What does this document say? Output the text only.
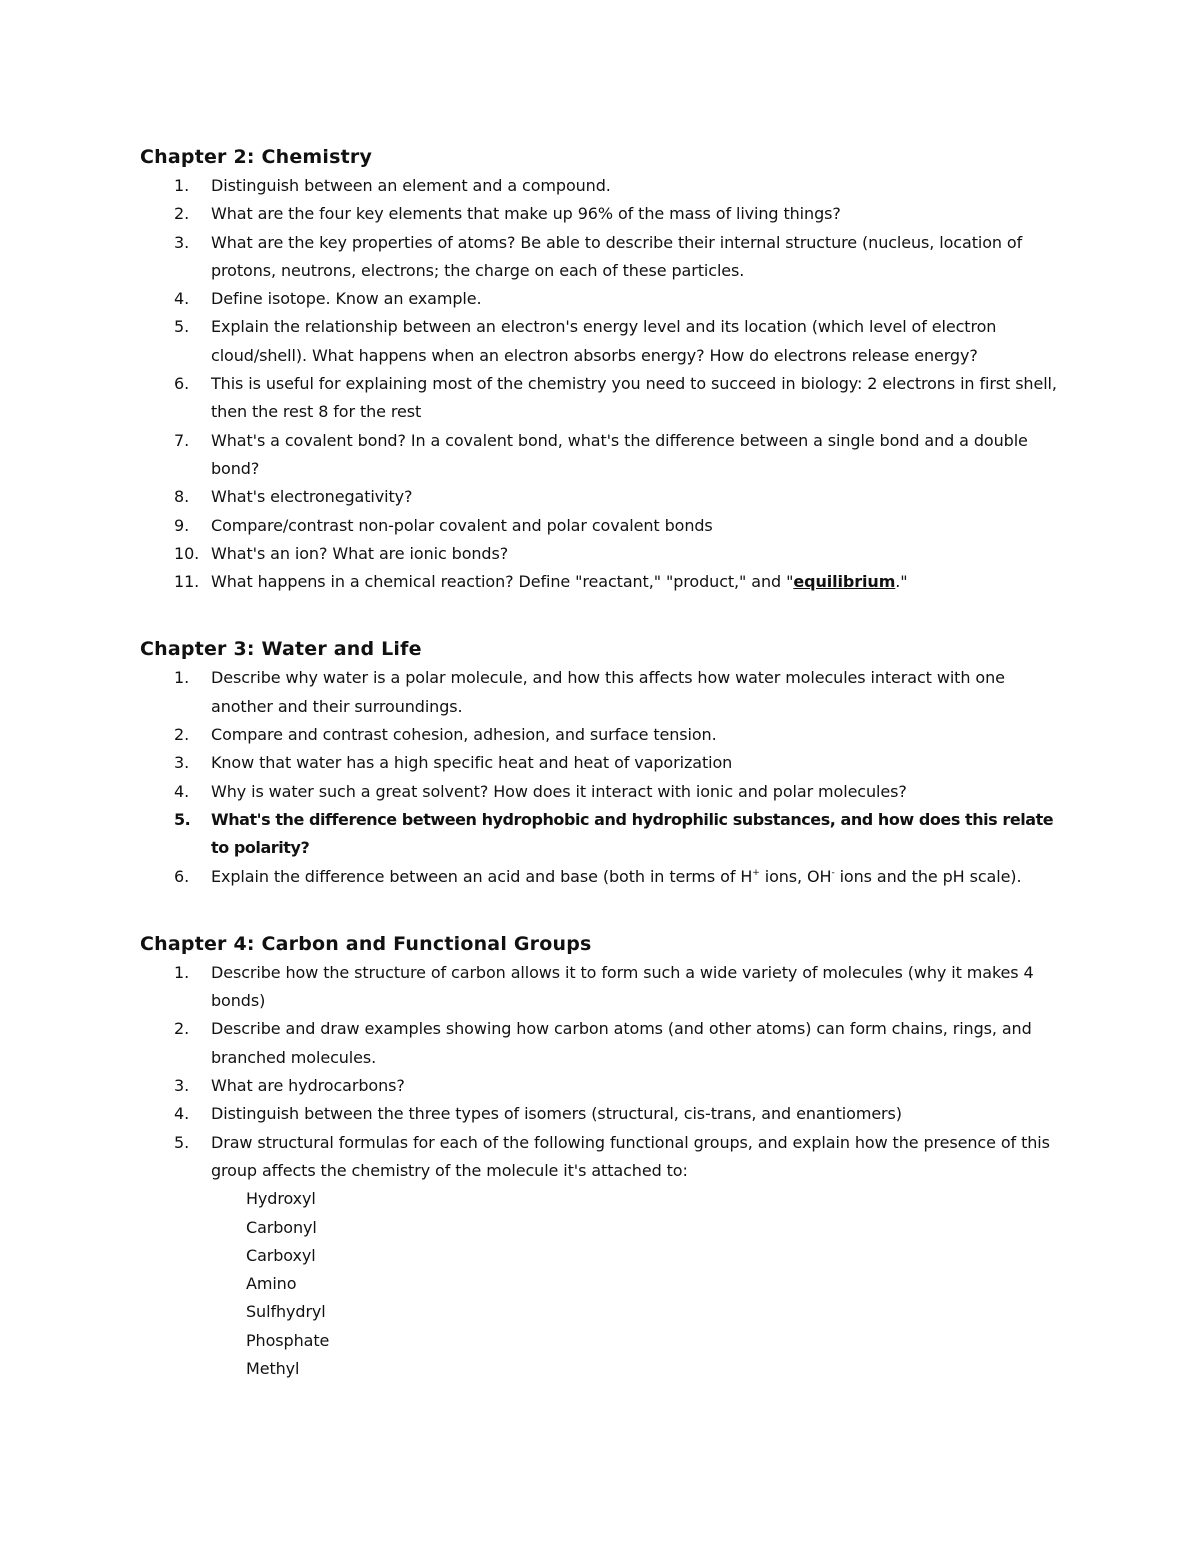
Chapter 2: Chemistry
1.	Distinguish between an element and a compound.
2.	What are the four key elements that make up 96% of the mass of living things?
3.	What are the key properties of atoms? Be able to describe their internal structure (nucleus, location of protons, neutrons, electrons; the charge on each of these particles.
4.	Define isotope. Know an example.
5.	Explain the relationship between an electron's energy level and its location (which level of electron cloud/shell). What happens when an electron absorbs energy? How do electrons release energy?
6.	This is useful for explaining most of the chemistry you need to succeed in biology: 2 electrons in first shell, then the rest 8 for the rest
7.	What's a covalent bond? In a covalent bond, what's the difference between a single bond and a double bond?
8.	What's electronegativity?
9.	Compare/contrast non-polar covalent and polar covalent bonds
10. What's an ion? What are ionic bonds?
11. What happens in a chemical reaction? Define "reactant," "product," and "equilibrium."
Chapter 3: Water and Life
1.	Describe why water is a polar molecule, and how this affects how water molecules interact with one another and their surroundings.
2.	Compare and contrast cohesion, adhesion, and surface tension.
3.	Know that water has a high specific heat and heat of vaporization
4.	Why is water such a great solvent? How does it interact with ionic and polar molecules?
5.	What's the difference between hydrophobic and hydrophilic substances, and how does this relate to polarity?
6.	Explain the difference between an acid and base (both in terms of H+ ions, OH- ions and the pH scale).
Chapter 4: Carbon and Functional Groups
1.	Describe how the structure of carbon allows it to form such a wide variety of molecules (why it makes 4 bonds)
2.	Describe and draw examples showing how carbon atoms (and other atoms) can form chains, rings, and branched molecules.
3.	What are hydrocarbons?
4.	Distinguish between the three types of isomers (structural, cis-trans, and enantiomers)
5.	Draw structural formulas for each of the following functional groups, and explain how the presence of this group affects the chemistry of the molecule it's attached to:
Hydroxyl
Carbonyl
Carboxyl
Amino
Sulfhydryl
Phosphate
Methyl
